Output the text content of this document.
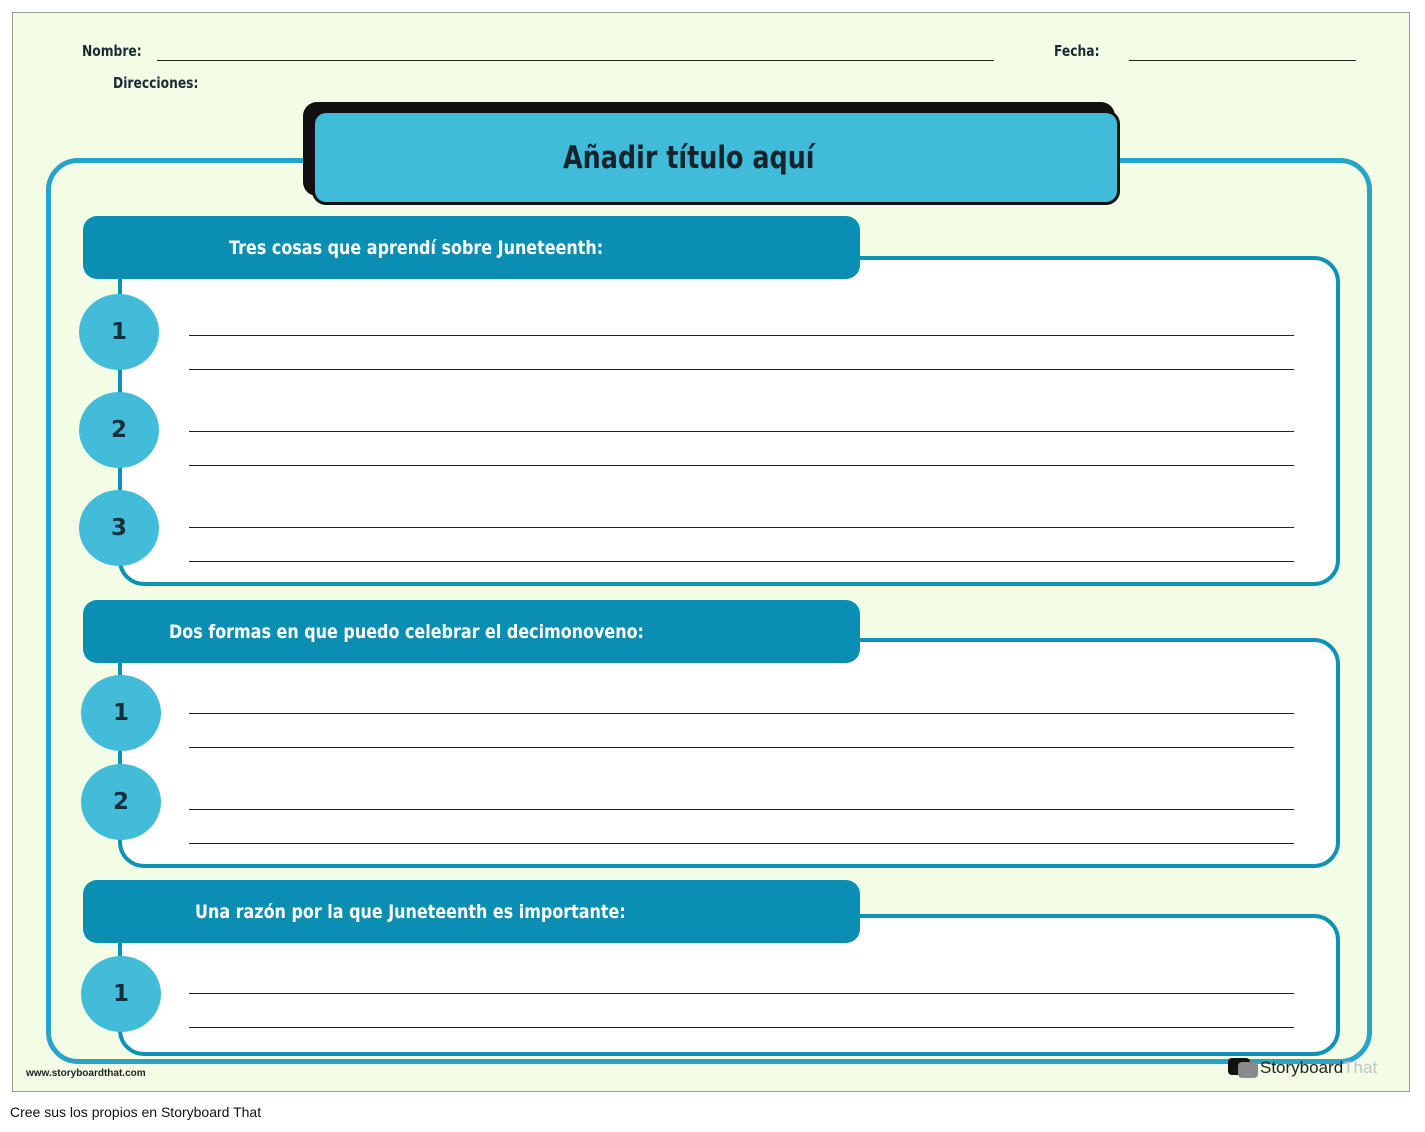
Nombre:	Fecha:
Direcciones:
Añadir título aquí
Tres cosas que aprendí sobre Juneteenth:
1
2
3
Dos formas en que puedo celebrar el decimonoveno:
1
2
Una razón por la que Juneteenth es importante:
1
www.storyboardthat.com	StoryboardThat
Cree sus los propios en Storyboard That
